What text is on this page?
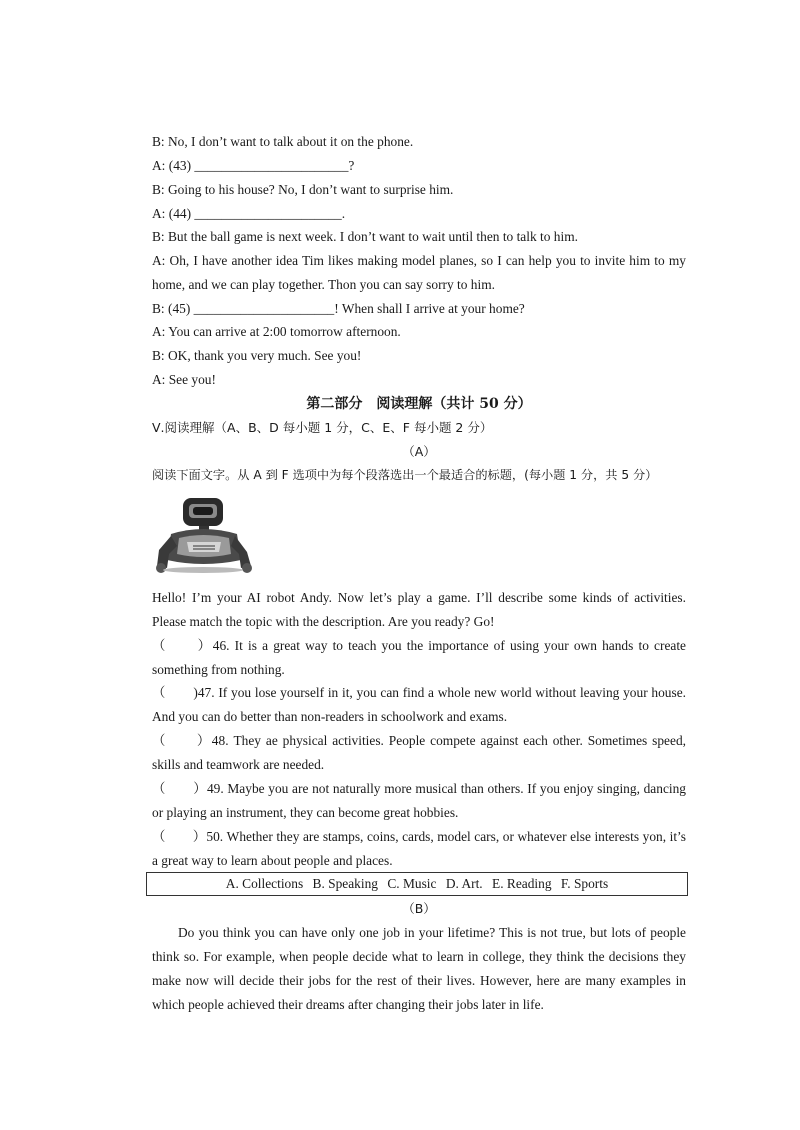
B: No, I don’t want to talk about it on the phone.
A: (43) _______________________?
B: Going to his house? No, I don’t want to surprise him.
A: (44) ______________________.
B: But the ball game is next week. I don’t want to wait until then to talk to him.
A: Oh, I have another idea Tim likes making model planes, so I can help you to invite him to my
home, and we can play together. Thon you can say sorry to him.
B: (45) _____________________! When shall I arrive at your home?
A: You can arrive at 2:00 tomorrow afternoon.
B: OK, thank you very much. See you!
A: See you!
第二部分　阅读理解（共计 50 分）
Ⅴ.阅读理解（A、B、D 每小题 1 分，C、E、F 每小题 2 分）
（A）
阅读下面文字。从 A 到 F 选项中为每个段落选出一个最适合的标题，(每小题 1 分，共 5 分）
Hello! I’m your AI robot Andy. Now let’s play a game. I’ll describe some kinds of activities.
Please match the topic with the description. Are you ready? Go!
（　　）46. It is a great way to teach you the importance of using your own hands to create
something from nothing.
（　　)47. If you lose yourself in it, you can find a whole new world without leaving your house.
And you can do better than non-readers in schoolwork and exams.
（　　）48. They ae physical activities. People compete against each other. Sometimes speed,
skills and teamwork are needed.
（　　）49. Maybe you are not naturally more musical than others. If you enjoy singing, dancing
or playing an instrument, they can become great hobbies.
（　　）50. Whether they are stamps, coins, cards, model cars, or whatever else interests yon, it’s
a great way to learn about people and places.
A. Collections B. Speaking C. Music D. Art. E. Reading F. Sports
（B）
Do you think you can have only one job in your lifetime? This is not true, but lots of people
think so. For example, when people decide what to learn in college, they think the decisions they
make now will decide their jobs for the rest of their lives. However, here are many examples in
which people achieved their dreams after changing their jobs later in life.
